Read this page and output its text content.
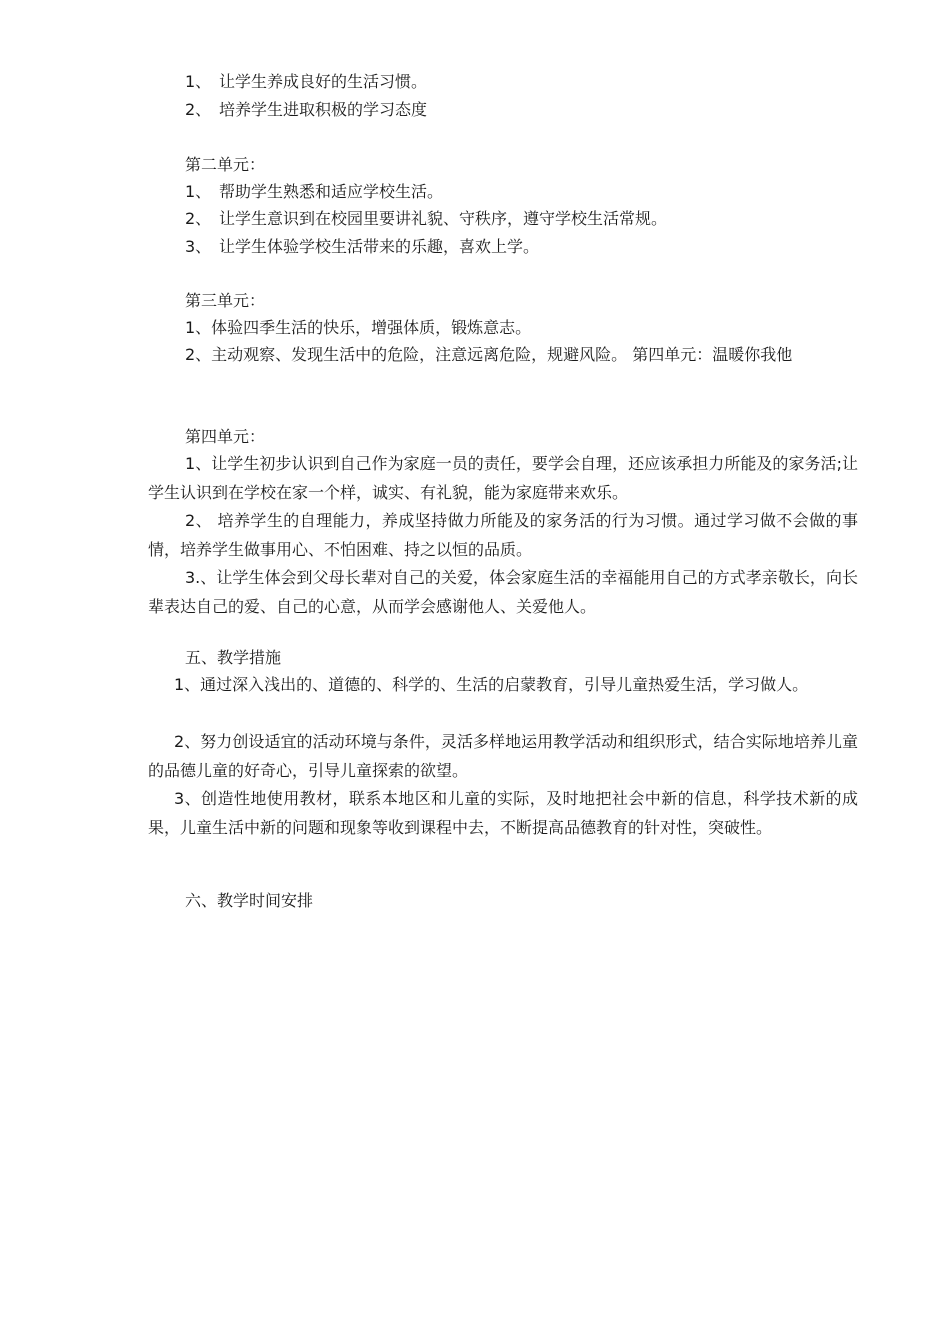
1、 让学生养成良好的生活习惯。
2、 培养学生进取积极的学习态度
第二单元：
1、 帮助学生熟悉和适应学校生活。
2、 让学生意识到在校园里要讲礼貌、守秩序，遵守学校生活常规。
3、 让学生体验学校生活带来的乐趣，喜欢上学。
第三单元：
1、体验四季生活的快乐，增强体质，锻炼意志。
2、主动观察、发现生活中的危险，注意远离危险，规避风险。 第四单元：温暖你我他
第四单元：
1、让学生初步认识到自己作为家庭一员的责任，要学会自理，还应该承担力所能及的家务活;让学生认识到在学校在家一个样，诚实、有礼貌，能为家庭带来欢乐。
2、 培养学生的自理能力，养成坚持做力所能及的家务活的行为习惯。通过学习做不会做的事情，培养学生做事用心、不怕困难、持之以恒的品质。
3.、让学生体会到父母长辈对自己的关爱，体会家庭生活的幸福能用自己的方式孝亲敬长，向长辈表达自己的爱、自己的心意，从而学会感谢他人、关爱他人。
五、教学措施
1、通过深入浅出的、道德的、科学的、生活的启蒙教育，引导儿童热爱生活，学习做人。
2、努力创设适宜的活动环境与条件，灵活多样地运用教学活动和组织形式，结合实际地培养儿童的品德儿童的好奇心，引导儿童探索的欲望。
3、创造性地使用教材，联系本地区和儿童的实际，及时地把社会中新的信息，科学技术新的成果，儿童生活中新的问题和现象等收到课程中去，不断提高品德教育的针对性，突破性。
六、教学时间安排
